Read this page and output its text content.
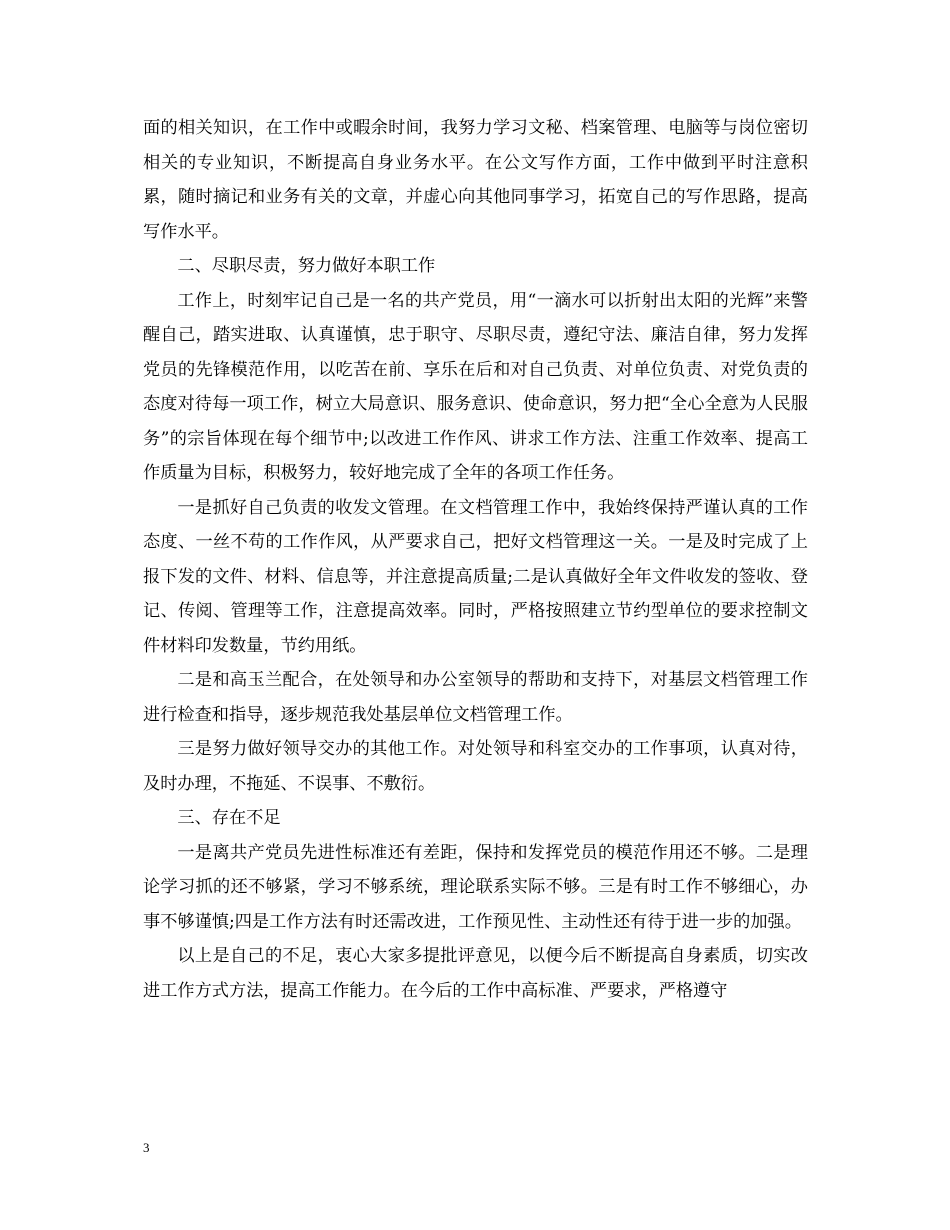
面的相关知识，在工作中或暇余时间，我努力学习文秘、档案管理、电脑等与岗位密切相关的专业知识，不断提高自身业务水平。在公文写作方面，工作中做到平时注意积累，随时摘记和业务有关的文章，并虚心向其他同事学习，拓宽自己的写作思路，提高写作水平。

二、尽职尽责，努力做好本职工作

工作上，时刻牢记自己是一名的共产党员，用“一滴水可以折射出太阳的光辉”来警醒自己，踏实进取、认真谨慎，忠于职守、尽职尽责，遵纪守法、廉洁自律，努力发挥党员的先锋模范作用，以吃苦在前、享乐在后和对自己负责、对单位负责、对党负责的态度对待每一项工作，树立大局意识、服务意识、使命意识，努力把“全心全意为人民服务”的宗旨体现在每个细节中;以改进工作作风、讲求工作方法、注重工作效率、提高工作质量为目标，积极努力，较好地完成了全年的各项工作任务。

一是抓好自己负责的收发文管理。在文档管理工作中，我始终保持严谨认真的工作态度、一丝不苟的工作作风，从严要求自己，把好文档管理这一关。一是及时完成了上报下发的文件、材料、信息等，并注意提高质量;二是认真做好全年文件收发的签收、登记、传阅、管理等工作，注意提高效率。同时，严格按照建立节约型单位的要求控制文件材料印发数量，节约用纸。

二是和高玉兰配合，在处领导和办公室领导的帮助和支持下，对基层文档管理工作进行检查和指导，逐步规范我处基层单位文档管理工作。

三是努力做好领导交办的其他工作。对处领导和科室交办的工作事项，认真对待，及时办理，不拖延、不误事、不敷衍。

三、存在不足

一是离共产党员先进性标准还有差距，保持和发挥党员的模范作用还不够。二是理论学习抓的还不够紧，学习不够系统，理论联系实际不够。三是有时工作不够细心，办事不够谨慎;四是工作方法有时还需改进，工作预见性、主动性还有待于进一步的加强。

以上是自己的不足，衷心大家多提批评意见，以便今后不断提高自身素质，切实改进工作方式方法，提高工作能力。在今后的工作中高标准、严要求，严格遵守

3
